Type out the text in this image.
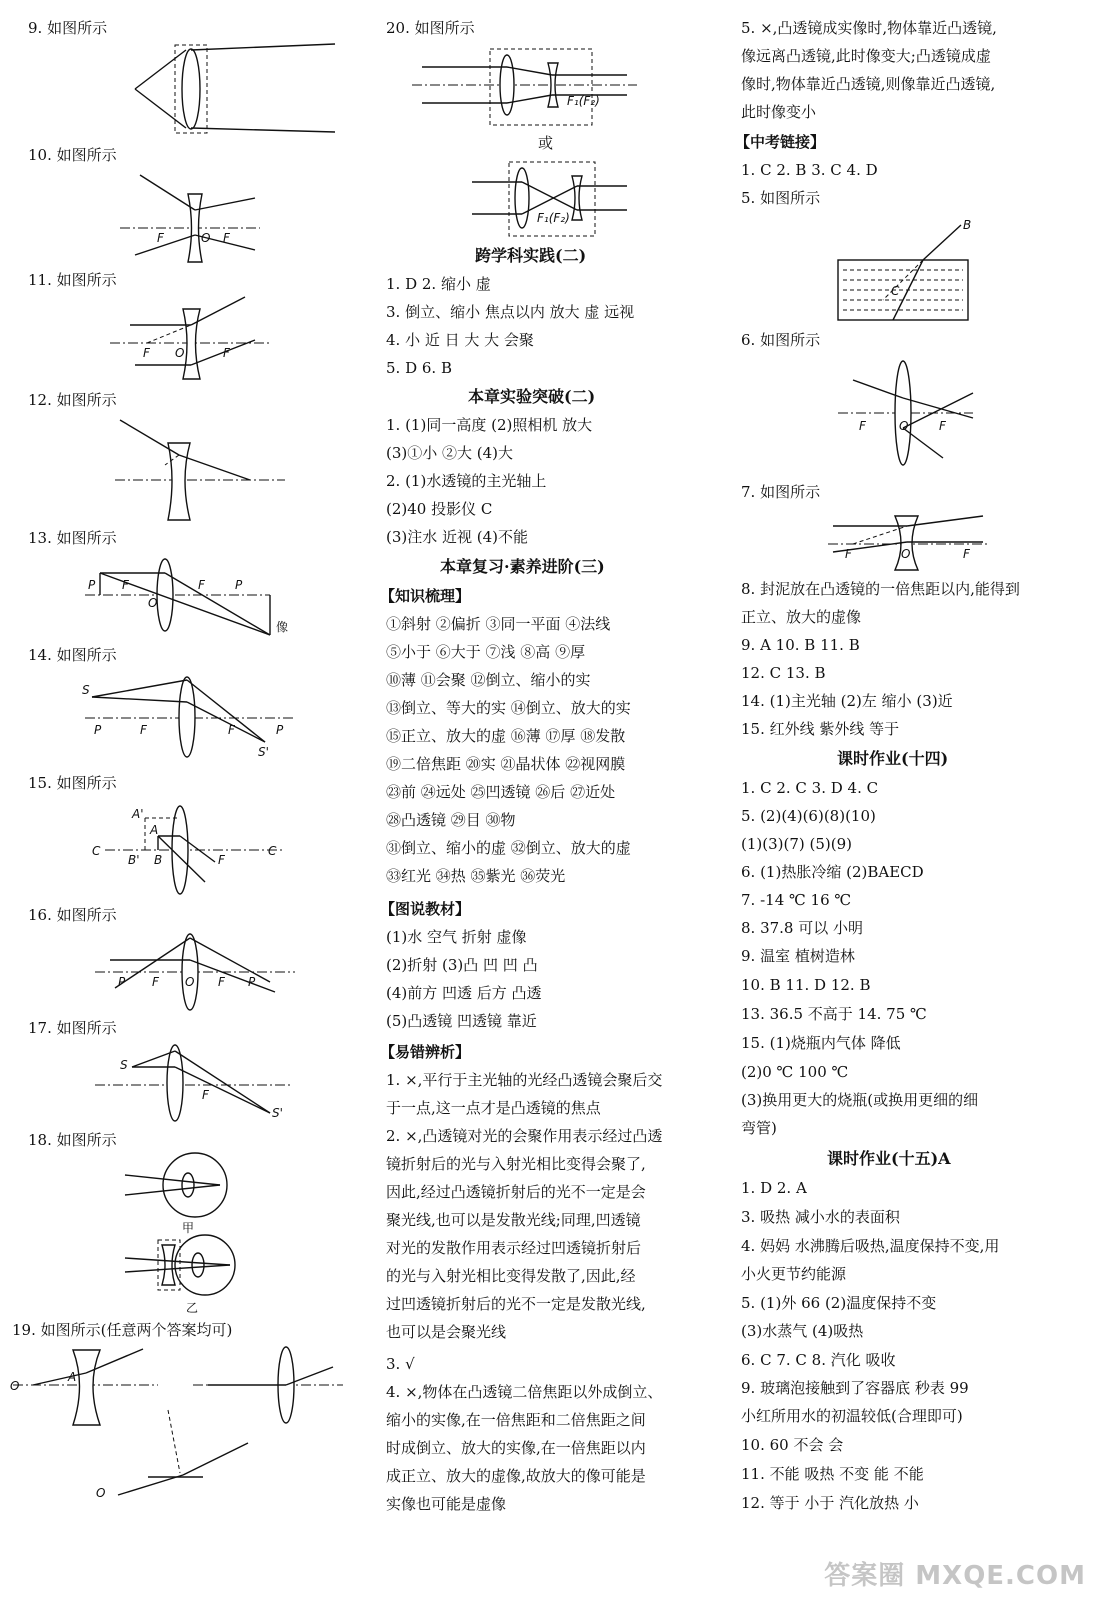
9. 如图所示
10. 如图所示
F	O F
11. 如图所示
F O	F
12. 如图所示
13. 如图所示
P F
O
F	P
像
14. 如图所示
S
P	F	F	P
S'
15. 如图所示
A'
A
C
B' B	F
C
16. 如图所示
P F O F P
17. 如图所示
S
F
S'
18. 如图所示
甲
乙
19. 如图所示(任意两个答案均可)
O
A
O
20. 如图所示
F₁(F₂)
或
F₁(F₂)
跨学科实践(二)
1. D 2. 缩小 虚
3. 倒立、缩小 焦点以内 放大 虚 远视
4. 小 近 日 大 大 会聚
5. D 6. B
本章实验突破(二)
1. (1)同一高度 (2)照相机 放大
(3)①小 ②大 (4)大
2. (1)水透镜的主光轴上
(2)40 投影仪 C
(3)注水 近视 (4)不能
本章复习·素养进阶(三)
【知识梳理】
①斜射 ②偏折 ③同一平面 ④法线
⑤小于 ⑥大于 ⑦浅 ⑧高 ⑨厚
⑩薄 ⑪会聚 ⑫倒立、缩小的实
⑬倒立、等大的实 ⑭倒立、放大的实
⑮正立、放大的虚 ⑯薄 ⑰厚 ⑱发散
⑲二倍焦距 ⑳实 ㉑晶状体 ㉒视网膜
㉓前 ㉔远处 ㉕凹透镜 ㉖后 ㉗近处
㉘凸透镜 ㉙目 ㉚物
㉛倒立、缩小的虚 ㉜倒立、放大的虚
㉝红光 ㉞热 ㉟紫光 ㊱荧光
【图说教材】
(1)水 空气 折射 虚像
(2)折射 (3)凸 凹 凹 凸
(4)前方 凹透 后方 凸透
(5)凸透镜 凹透镜 靠近
【易错辨析】
1. ×,平行于主光轴的光经凸透镜会聚后交
于一点,这一点才是凸透镜的焦点
2. ×,凸透镜对光的会聚作用表示经过凸透
镜折射后的光与入射光相比变得会聚了,
因此,经过凸透镜折射后的光不一定是会
聚光线,也可以是发散光线;同理,凹透镜
对光的发散作用表示经过凹透镜折射后
的光与入射光相比变得发散了,因此,经
过凹透镜折射后的光不一定是发散光线,
也可以是会聚光线
3. √
4. ×,物体在凸透镜二倍焦距以外成倒立、
缩小的实像,在一倍焦距和二倍焦距之间
时成倒立、放大的实像,在一倍焦距以内
成正立、放大的虚像,故放大的像可能是
实像也可能是虚像
5. ×,凸透镜成实像时,物体靠近凸透镜,
像远离凸透镜,此时像变大;凸透镜成虚
像时,物体靠近凸透镜,则像靠近凸透镜,
此时像变小
【中考链接】
1. C 2. B 3. C 4. D
5. 如图所示
B
C
6. 如图所示
F	O	F
7. 如图所示
F	O	F
8. 封泥放在凸透镜的一倍焦距以内,能得到
正立、放大的虚像
9. A 10. B 11. B
12. C 13. B
14. (1)主光轴 (2)左 缩小 (3)近
15. 红外线 紫外线 等于
课时作业(十四)
1. C 2. C 3. D 4. C
5. (2)(4)(6)(8)(10)
(1)(3)(7) (5)(9)
6. (1)热胀冷缩 (2)BAECD
7. -14 ℃ 16 ℃
8. 37.8 可以 小明
9. 温室 植树造林
10. B 11. D 12. B
13. 36.5 不高于 14. 75 ℃
15. (1)烧瓶内气体 降低
(2)0 ℃ 100 ℃
(3)换用更大的烧瓶(或换用更细的细
弯管)
课时作业(十五)A
1. D 2. A
3. 吸热 减小水的表面积
4. 妈妈 水沸腾后吸热,温度保持不变,用
小火更节约能源
5. (1)外 66 (2)温度保持不变
(3)水蒸气 (4)吸热
6. C 7. C 8. 汽化 吸收
9. 玻璃泡接触到了容器底 秒表 99
小红所用水的初温较低(合理即可)
10. 60 不会 会
11. 不能 吸热 不变 能 不能
12. 等于 小于 汽化放热 小
答案圈 MXQE.COM
